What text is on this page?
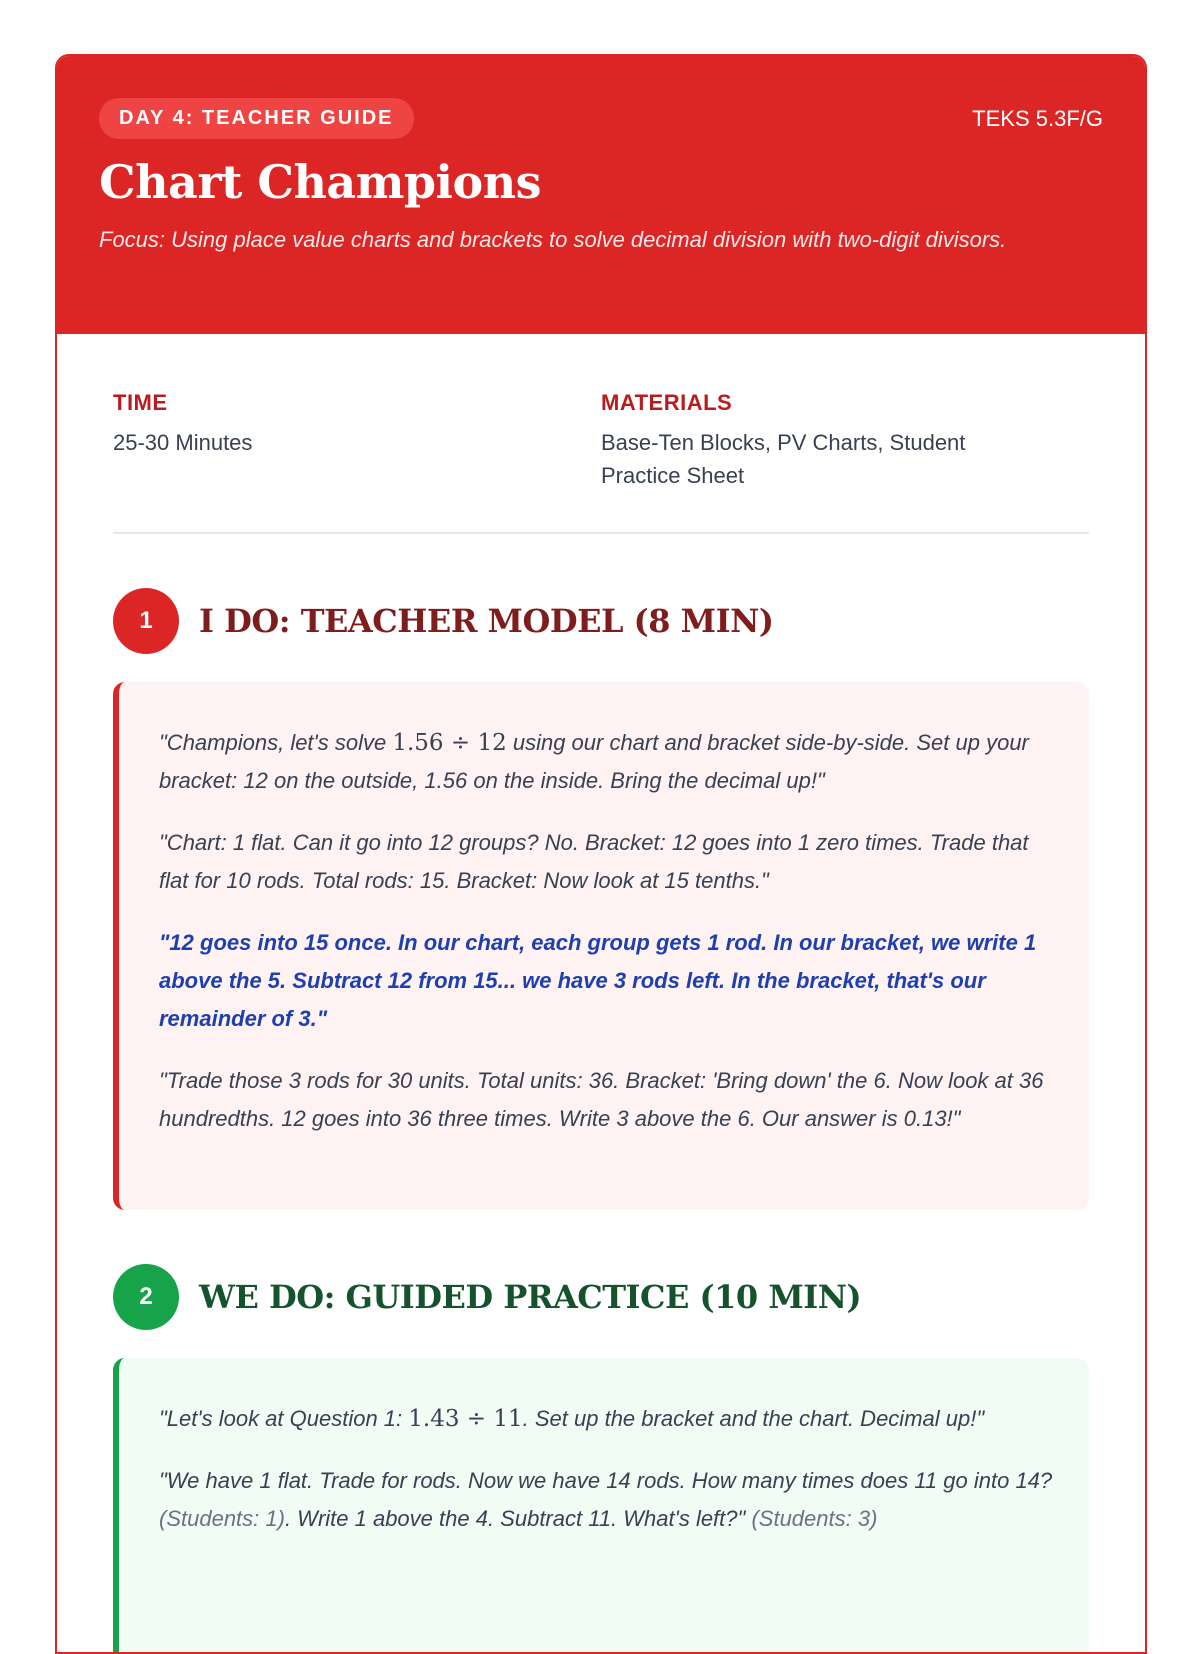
DAY 4: TEACHER GUIDE	TEKS 5.3F/G
Chart Champions

Focus: Using place value charts and brackets to solve decimal division with two-digit divisors.

TIME
25-30 Minutes
MATERIALS
Base-Ten Blocks, PV Charts, Student Practice Sheet
1	I DO: TEACHER MODEL (8 MIN)

"Champions, let's solve 1.56 ÷ 12 using our chart and bracket side-by-side. Set up your bracket: 12 on the outside, 1.56 on the inside. Bring the decimal up!"

"Chart: 1 flat. Can it go into 12 groups? No. Bracket: 12 goes into 1 zero times. Trade that flat for 10 rods. Total rods: 15. Bracket: Now look at 15 tenths."

"12 goes into 15 once. In our chart, each group gets 1 rod. In our bracket, we write 1 above the 5. Subtract 12 from 15... we have 3 rods left. In the bracket, that's our remainder of 3."

"Trade those 3 rods for 30 units. Total units: 36. Bracket: 'Bring down' the 6. Now look at 36 hundredths. 12 goes into 36 three times. Write 3 above the 6. Our answer is 0.13!"

2	WE DO: GUIDED PRACTICE (10 MIN)

"Let's look at Question 1: 1.43 ÷ 11. Set up the bracket and the chart. Decimal up!"

"We have 1 flat. Trade for rods. Now we have 14 rods. How many times does 11 go into 14? (Students: 1). Write 1 above the 4. Subtract 11. What's left?" (Students: 3)
